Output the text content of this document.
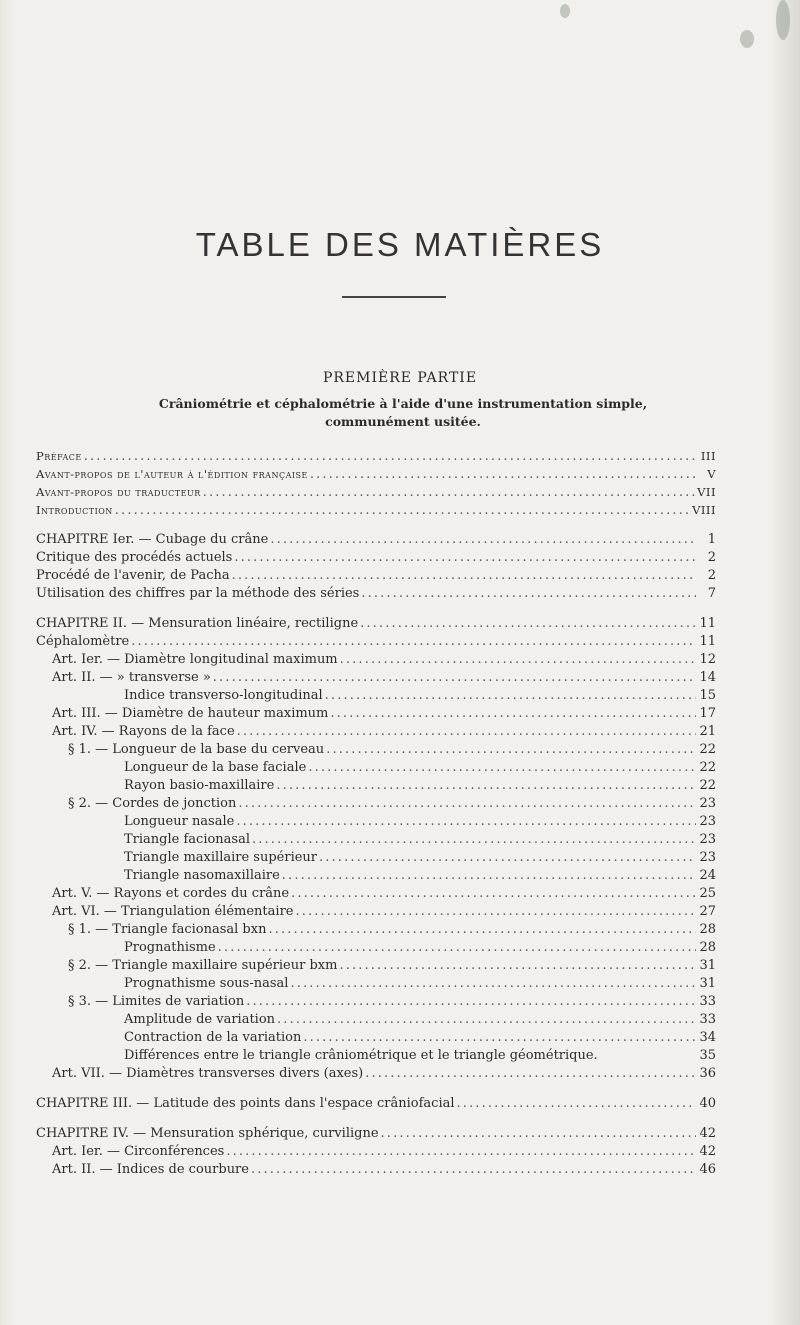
TABLE DES MATIÈRES
PREMIÈRE PARTIE
Crâniométrie et céphalométrie à l'aide d'une instrumentation simple,
communément usitée.
Préface . . .	III
Avant-propos de l'auteur à l'édition française . . .	V
Avant-propos du traducteur . . .	VII
Introduction . . .	VIII
CHAPITRE Ier. — Cubage du crâne . . .	1
Critique des procédés actuels . . .	2
Procédé de l'avenir, de Pacha . . .	2
Utilisation des chiffres par la méthode des séries . . .	7
CHAPITRE II. — Mensuration linéaire, rectiligne . . .	11
Céphalomètre . . .	11
Art. Ier. — Diamètre longitudinal maximum . . .	12
Art. II. — » transverse » . . .	14
Indice transverso-longitudinal . . .	15
Art. III. — Diamètre de hauteur maximum . . .	17
Art. IV. — Rayons de la face . . .	21
§ 1. — Longueur de la base du cerveau . . .	22
Longueur de la base faciale . . .	22
Rayon basio-maxillaire . . .	22
§ 2. — Cordes de jonction . . .	23
Longueur nasale . . .	23
Triangle facionasal . . .	23
Triangle maxillaire supérieur . . .	23
Triangle nasomaxillaire . . .	24
Art. V. — Rayons et cordes du crâne . . .	25
Art. VI. — Triangulation élémentaire . . .	27
§ 1. — Triangle facionasal bxn . . .	28
Prognathisme . . .	28
§ 2. — Triangle maxillaire supérieur bxm . . .	31
Prognathisme sous-nasal . . .	31
§ 3. — Limites de variation . . .	33
Amplitude de variation . . .	33
Contraction de la variation . . .	34
Différences entre le triangle crâniométrique et le triangle géométrique.	35
Art. VII. — Diamètres transverses divers (axes) . . .	36
CHAPITRE III. — Latitude des points dans l'espace crâniofacial . . .	40
CHAPITRE IV. — Mensuration sphérique, curviligne . . .	42
Art. Ier. — Circonférences . . .	42
Art. II. — Indices de courbure . . .	46
